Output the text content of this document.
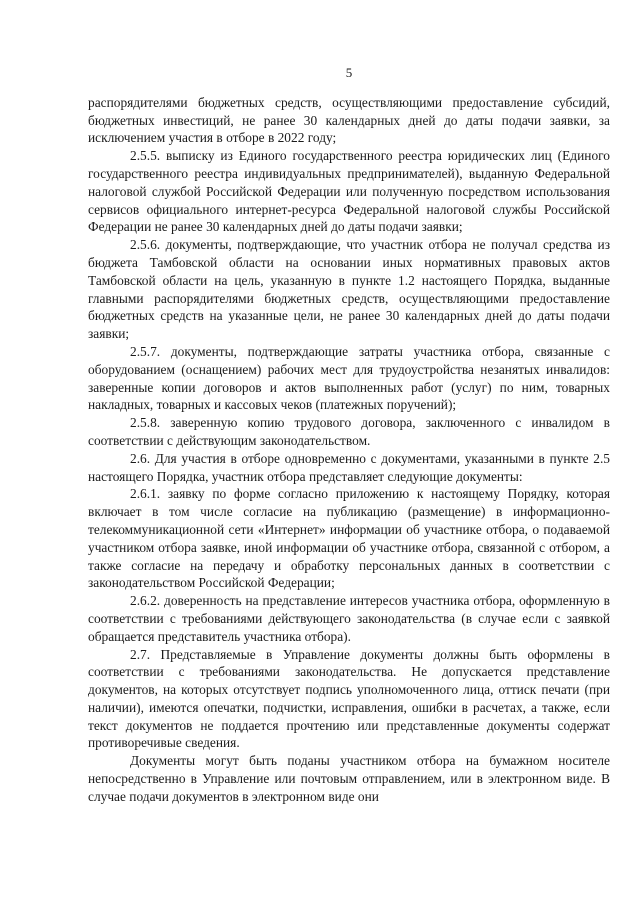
5

распорядителями бюджетных средств, осуществляющими предоставление субсидий, бюджетных инвестиций, не ранее 30 календарных дней до даты подачи заявки, за исключением участия в отборе в 2022 году;

2.5.5. выписку из Единого государственного реестра юридических лиц (Единого государственного реестра индивидуальных предпринимателей), выданную Федеральной налоговой службой Российской Федерации или полученную посредством использования сервисов официального интернет-ресурса Федеральной налоговой службы Российской Федерации не ранее 30 календарных дней до даты подачи заявки;

2.5.6. документы, подтверждающие, что участник отбора не получал средства из бюджета Тамбовской области на основании иных нормативных правовых актов Тамбовской области на цель, указанную в пункте 1.2 настоящего Порядка, выданные главными распорядителями бюджетных средств, осуществляющими предоставление бюджетных средств на указанные цели, не ранее 30 календарных дней до даты подачи заявки;

2.5.7. документы, подтверждающие затраты участника отбора, связанные с оборудованием (оснащением) рабочих мест для трудоустройства незанятых инвалидов: заверенные копии договоров и актов выполненных работ (услуг) по ним, товарных накладных, товарных и кассовых чеков (платежных поручений);

2.5.8. заверенную копию трудового договора, заключенного с инвалидом в соответствии с действующим законодательством.

2.6. Для участия в отборе одновременно с документами, указанными в пункте 2.5 настоящего Порядка, участник отбора представляет следующие документы:

2.6.1. заявку по форме согласно приложению к настоящему Порядку, которая включает в том числе согласие на публикацию (размещение) в информационно-телекоммуникационной сети «Интернет» информации об участнике отбора, о подаваемой участником отбора заявке, иной информации об участнике отбора, связанной с отбором, а также согласие на передачу и обработку персональных данных в соответствии с законодательством Российской Федерации;

2.6.2. доверенность на представление интересов участника отбора, оформленную в соответствии с требованиями действующего законодательства (в случае если с заявкой обращается представитель участника отбора).

2.7. Представляемые в Управление документы должны быть оформлены в соответствии с требованиями законодательства. Не допускается представление документов, на которых отсутствует подпись уполномоченного лица, оттиск печати (при наличии), имеются опечатки, подчистки, исправления, ошибки в расчетах, а также, если текст документов не поддается прочтению или представленные документы содержат противоречивые сведения.

Документы могут быть поданы участником отбора на бумажном носителе непосредственно в Управление или почтовым отправлением, или в электронном виде. В случае подачи документов в электронном виде они
